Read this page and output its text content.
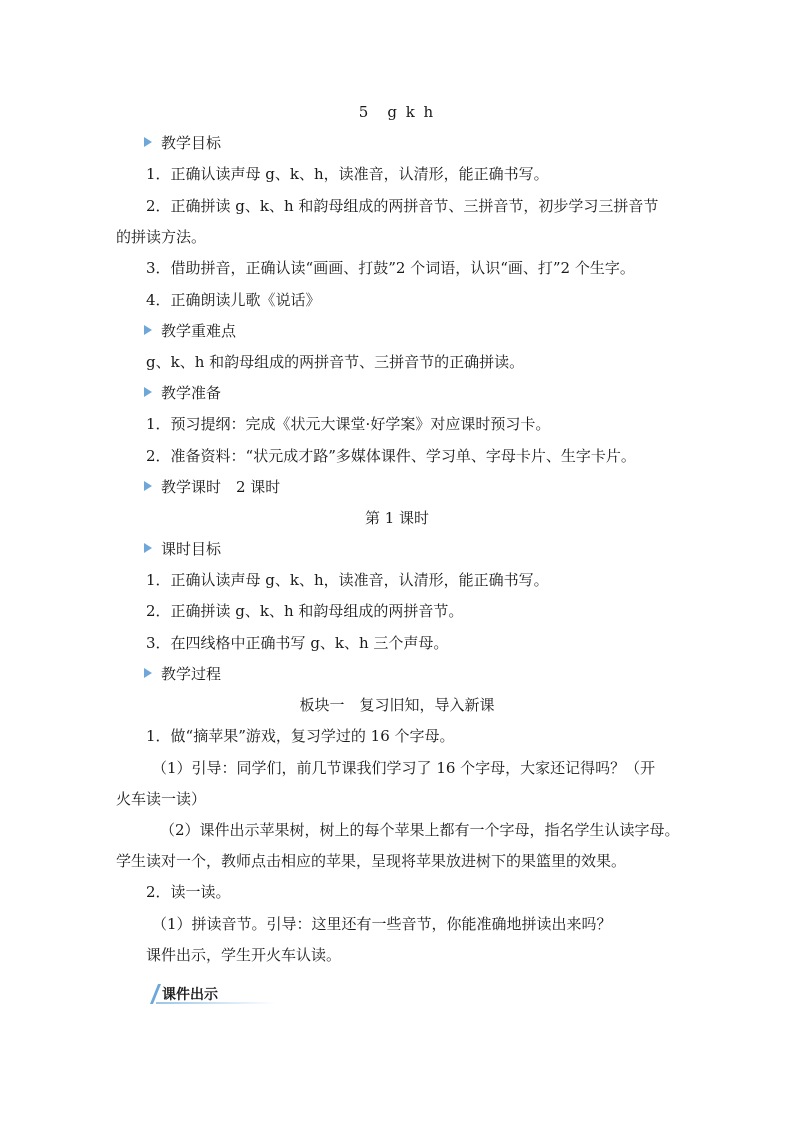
5　g k h
教学目标
1．正确认读声母 g、k、h，读准音，认清形，能正确书写。
2．正确拼读 g、k、h 和韵母组成的两拼音节、三拼音节，初步学习三拼音节
的拼读方法。
3．借助拼音，正确认读“画画、打鼓”2 个词语，认识“画、打”2 个生字。
4．正确朗读儿歌《说话》
教学重难点
g、k、h 和韵母组成的两拼音节、三拼音节的正确拼读。
教学准备
1．预习提纲：完成《状元大课堂·好学案》对应课时预习卡。
2．准备资料：“状元成才路”多媒体课件、学习单、字母卡片、生字卡片。
教学课时　2 课时
第 1 课时
课时目标
1．正确认读声母 g、k、h，读准音，认清形，能正确书写。
2．正确拼读 g、k、h 和韵母组成的两拼音节。
3．在四线格中正确书写 g、k、h 三个声母。
教学过程
板块一　复习旧知，导入新课
1．做“摘苹果”游戏，复习学过的 16 个字母。
（1）引导：同学们，前几节课我们学习了 16 个字母，大家还记得吗？（开
火车读一读）
（2）课件出示苹果树，树上的每个苹果上都有一个字母，指名学生认读字母。
学生读对一个，教师点击相应的苹果，呈现将苹果放进树下的果篮里的效果。
2．读一读。
（1）拼读音节。引导：这里还有一些音节，你能准确地拼读出来吗？
课件出示，学生开火车认读。
课件出示
